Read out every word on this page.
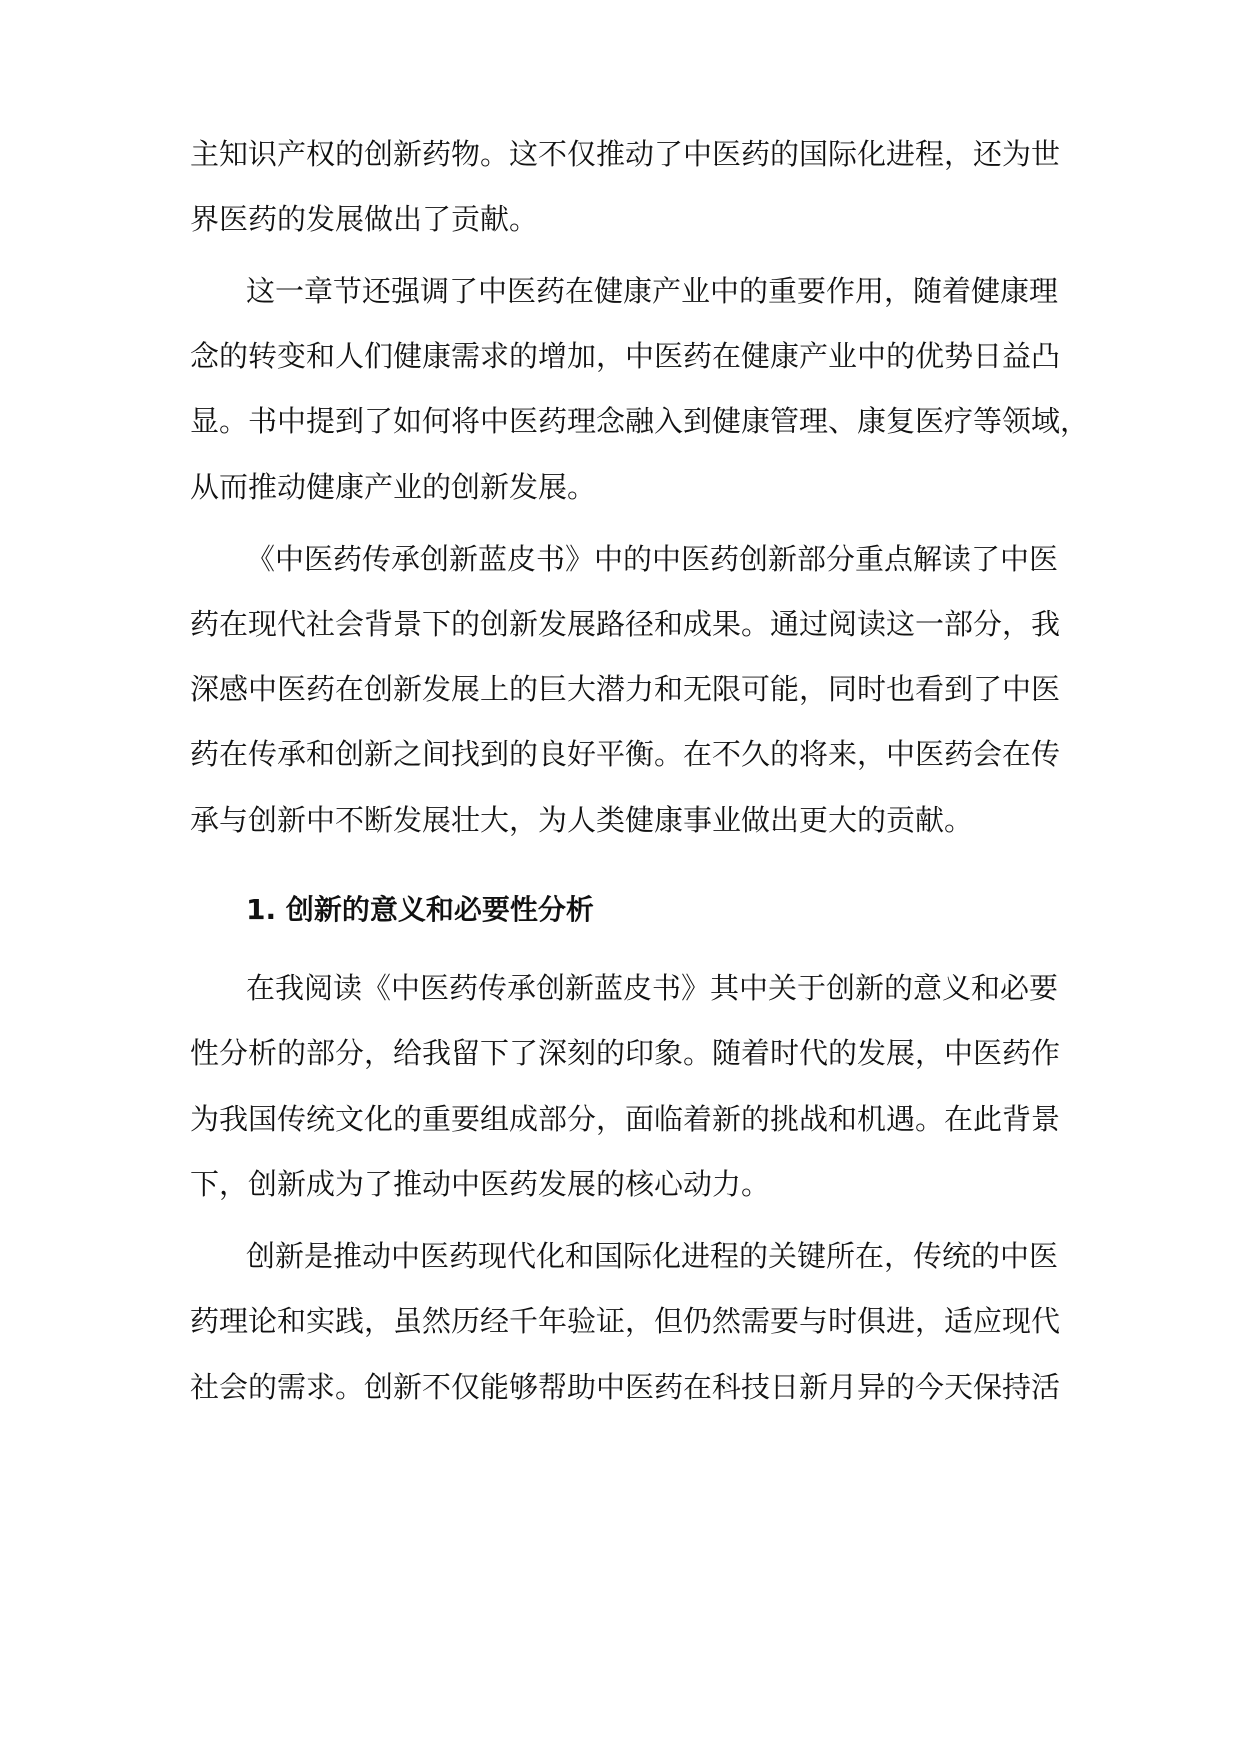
主知识产权的创新药物。这不仅推动了中医药的国际化进程，还为世
界医药的发展做出了贡献。
这一章节还强调了中医药在健康产业中的重要作用，随着健康理
念的转变和人们健康需求的增加，中医药在健康产业中的优势日益凸
显。书中提到了如何将中医药理念融入到健康管理、康复医疗等领域，
从而推动健康产业的创新发展。
《中医药传承创新蓝皮书》中的中医药创新部分重点解读了中医
药在现代社会背景下的创新发展路径和成果。通过阅读这一部分，我
深感中医药在创新发展上的巨大潜力和无限可能，同时也看到了中医
药在传承和创新之间找到的良好平衡。在不久的将来，中医药会在传
承与创新中不断发展壮大，为人类健康事业做出更大的贡献。
1. 创新的意义和必要性分析
在我阅读《中医药传承创新蓝皮书》其中关于创新的意义和必要
性分析的部分，给我留下了深刻的印象。随着时代的发展，中医药作
为我国传统文化的重要组成部分，面临着新的挑战和机遇。在此背景
下，创新成为了推动中医药发展的核心动力。
创新是推动中医药现代化和国际化进程的关键所在，传统的中医
药理论和实践，虽然历经千年验证，但仍然需要与时俱进，适应现代
社会的需求。创新不仅能够帮助中医药在科技日新月异的今天保持活
